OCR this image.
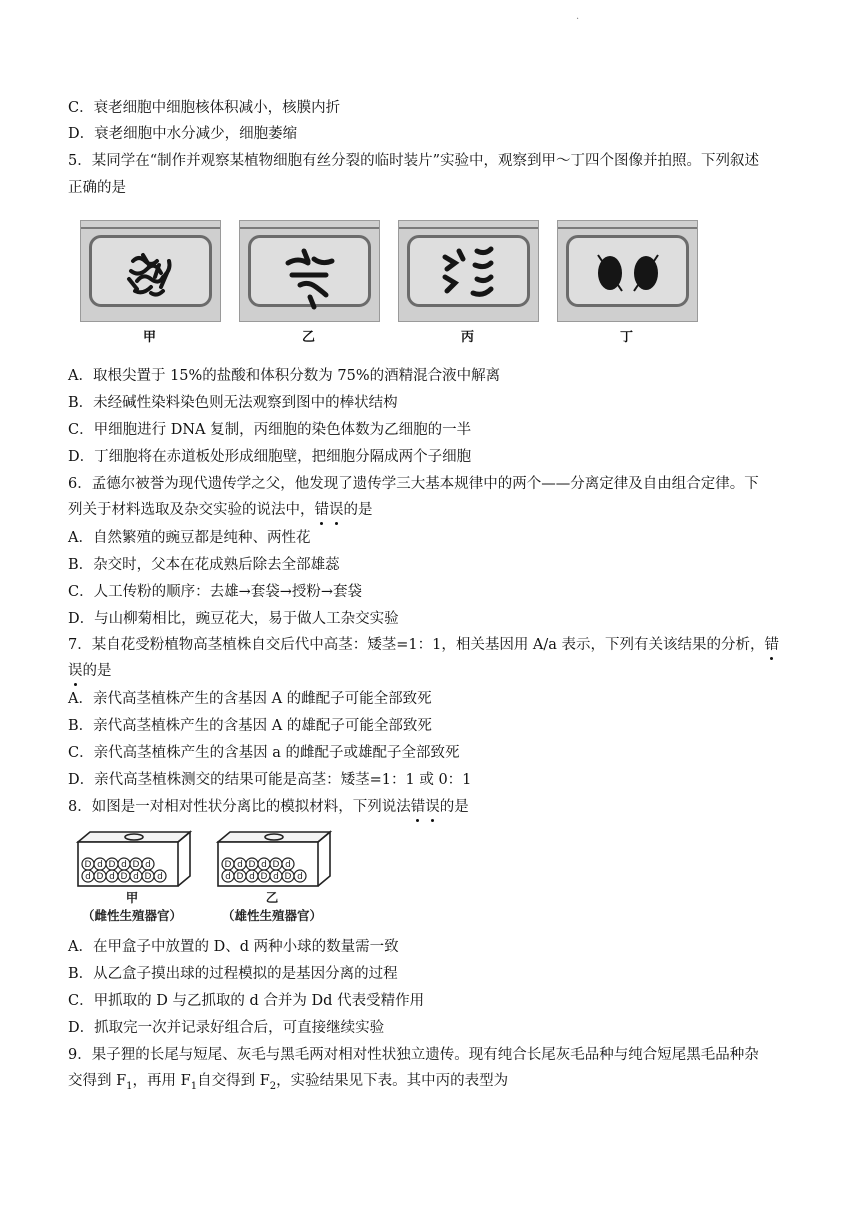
·
C．衰老细胞中细胞核体积减小，核膜内折
D．衰老细胞中水分减少，细胞萎缩
5．某同学在“制作并观察某植物细胞有丝分裂的临时装片”实验中，观察到甲～丁四个图像并拍照。下列叙述
正确的是
甲	乙	丙	丁
A．取根尖置于 15%的盐酸和体积分数为 75%的酒精混合液中解离
B．未经碱性染料染色则无法观察到图中的棒状结构
C．甲细胞进行 DNA 复制，丙细胞的染色体数为乙细胞的一半
D．丁细胞将在赤道板处形成细胞壁，把细胞分隔成两个子细胞
6．孟德尔被誉为现代遗传学之父，他发现了遗传学三大基本规律中的两个——分离定律及自由组合定律。下
列关于材料选取及杂交实验的说法中，错误的是
A．自然繁殖的豌豆都是纯种、两性花
B．杂交时，父本在花成熟后除去全部雄蕊
C．人工传粉的顺序：去雄→套袋→授粉→套袋
D．与山柳菊相比，豌豆花大，易于做人工杂交实验
7．某自花受粉植物高茎植株自交后代中高茎：矮茎=1：1，相关基因用 A/a 表示，下列有关该结果的分析，错
误的是
A．亲代高茎植株产生的含基因 A 的雌配子可能全部致死
B．亲代高茎植株产生的含基因 A 的雄配子可能全部致死
C．亲代高茎植株产生的含基因 a 的雌配子或雄配子全部致死
D．亲代高茎植株测交的结果可能是高茎：矮茎=1：1 或 0：1
8．如图是一对相对性状分离比的模拟材料，下列说法错误的是
D d D d D d
d D d D d D d
甲
（雌性生殖器官）
D d D d D d
d D d D d D d
乙
（雄性生殖器官）
A．在甲盒子中放置的 D、d 两种小球的数量需一致
B．从乙盒子摸出球的过程模拟的是基因分离的过程
C．甲抓取的 D 与乙抓取的 d 合并为 Dd 代表受精作用
D．抓取完一次并记录好组合后，可直接继续实验
9．果子狸的长尾与短尾、灰毛与黑毛两对相对性状独立遗传。现有纯合长尾灰毛品种与纯合短尾黑毛品种杂
交得到 $F_1$，再用 $F_1$自交得到 $F_2$，实验结果见下表。其中丙的表型为
